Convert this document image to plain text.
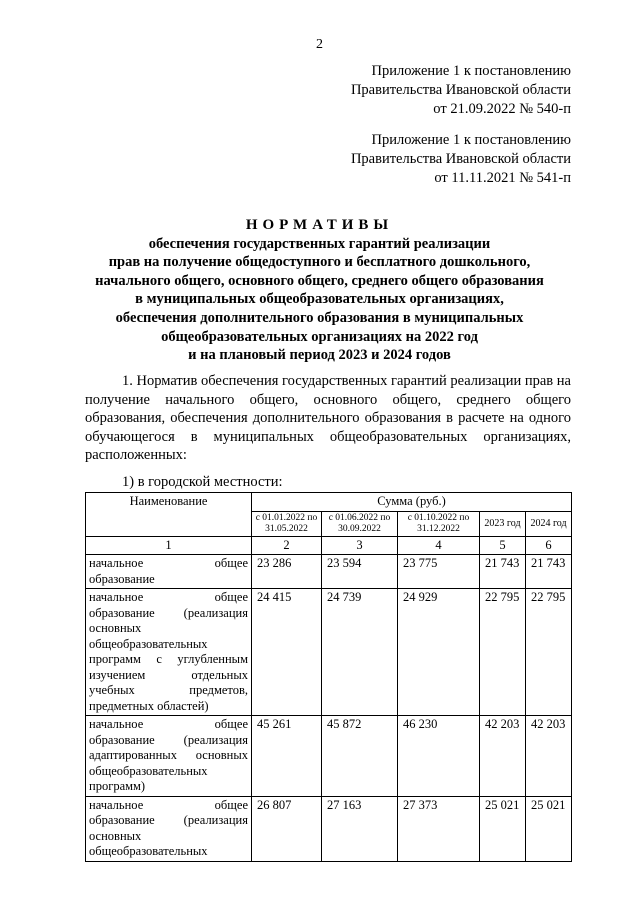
2
Приложение 1 к постановлению
Правительства Ивановской области
от 21.09.2022 № 540-п
Приложение 1 к постановлению
Правительства Ивановской области
от 11.11.2021 № 541-п
НОРМАТИВЫ
обеспечения государственных гарантий реализации
прав на получение общедоступного и бесплатного дошкольного,
начального общего, основного общего, среднего общего образования
в муниципальных общеобразовательных организациях,
обеспечения дополнительного образования в муниципальных
общеобразовательных организациях на 2022 год
и на плановый период 2023 и 2024 годов
1. Норматив обеспечения государственных гарантий реализации прав на получение начального общего, основного общего, среднего общего образования, обеспечения дополнительного образования в расчете на одного обучающегося в муниципальных общеобразовательных организациях, расположенных:
1) в городской местности:
Наименование	Сумма (руб.)				
	с 01.01.2022 по 31.05.2022	с 01.06.2022 по 30.09.2022	с 01.10.2022 по 31.12.2022	2023 год	2024 год
1	2	3	4	5	6
начальное общее образование	23 286	23 594	23 775	21 743	21 743
начальное общее образование (реализация основных общеобразовательных программ с углубленным изучением отдельных учебных предметов, предметных областей)	24 415	24 739	24 929	22 795	22 795
начальное общее образование (реализация адаптированных основных общеобразовательных программ)	45 261	45 872	46 230	42 203	42 203
начальное общее образование (реализация основных общеобразовательных	26 807	27 163	27 373	25 021	25 021
